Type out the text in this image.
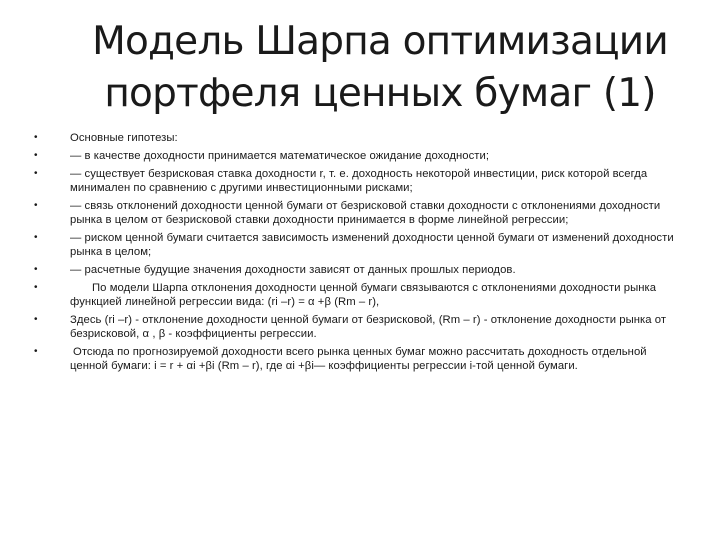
Модель Шарпа оптимизации
портфеля ценных бумаг (1)
•	Основные гипотезы:
•	— в качестве доходности принимается математическое ожидание доходности;
•	— существует безрисковая ставка доходности r, т. е. доходность некоторой инвестиции, риск которой всегда минимален по сравнению с другими инвестиционными рисками;
•	— связь отклонений доходности ценной бумаги от безрисковой ставки доходности с отклонениями доходности рынка в целом от безрисковой ставки доходности принимается в форме линейной регрессии;
•	— риском ценной бумаги считается зависимость изменений доходности ценной бумаги от изменений доходности рынка в целом;
•	— расчетные будущие значения доходности зависят от данных прошлых периодов.
•	По модели Шарпа отклонения доходности ценной бумаги связываются с отклонениями доходности рынка функцией линейной регрессии вида: (ri –r) = α +β (Rm – r),
•	Здесь (ri –r) - отклонение доходности ценной бумаги от безрисковой, (Rm – r) - отклонение доходности рынка от безрисковой, α , β - коэффициенты регрессии.
•	Отсюда по прогнозируемой доходности всего рынка ценных бумаг можно рассчитать доходность отдельной ценной бумаги: i = r + αi +βi (Rm – r), где αi +βi— коэффициенты регрессии i-той ценной бумаги.
